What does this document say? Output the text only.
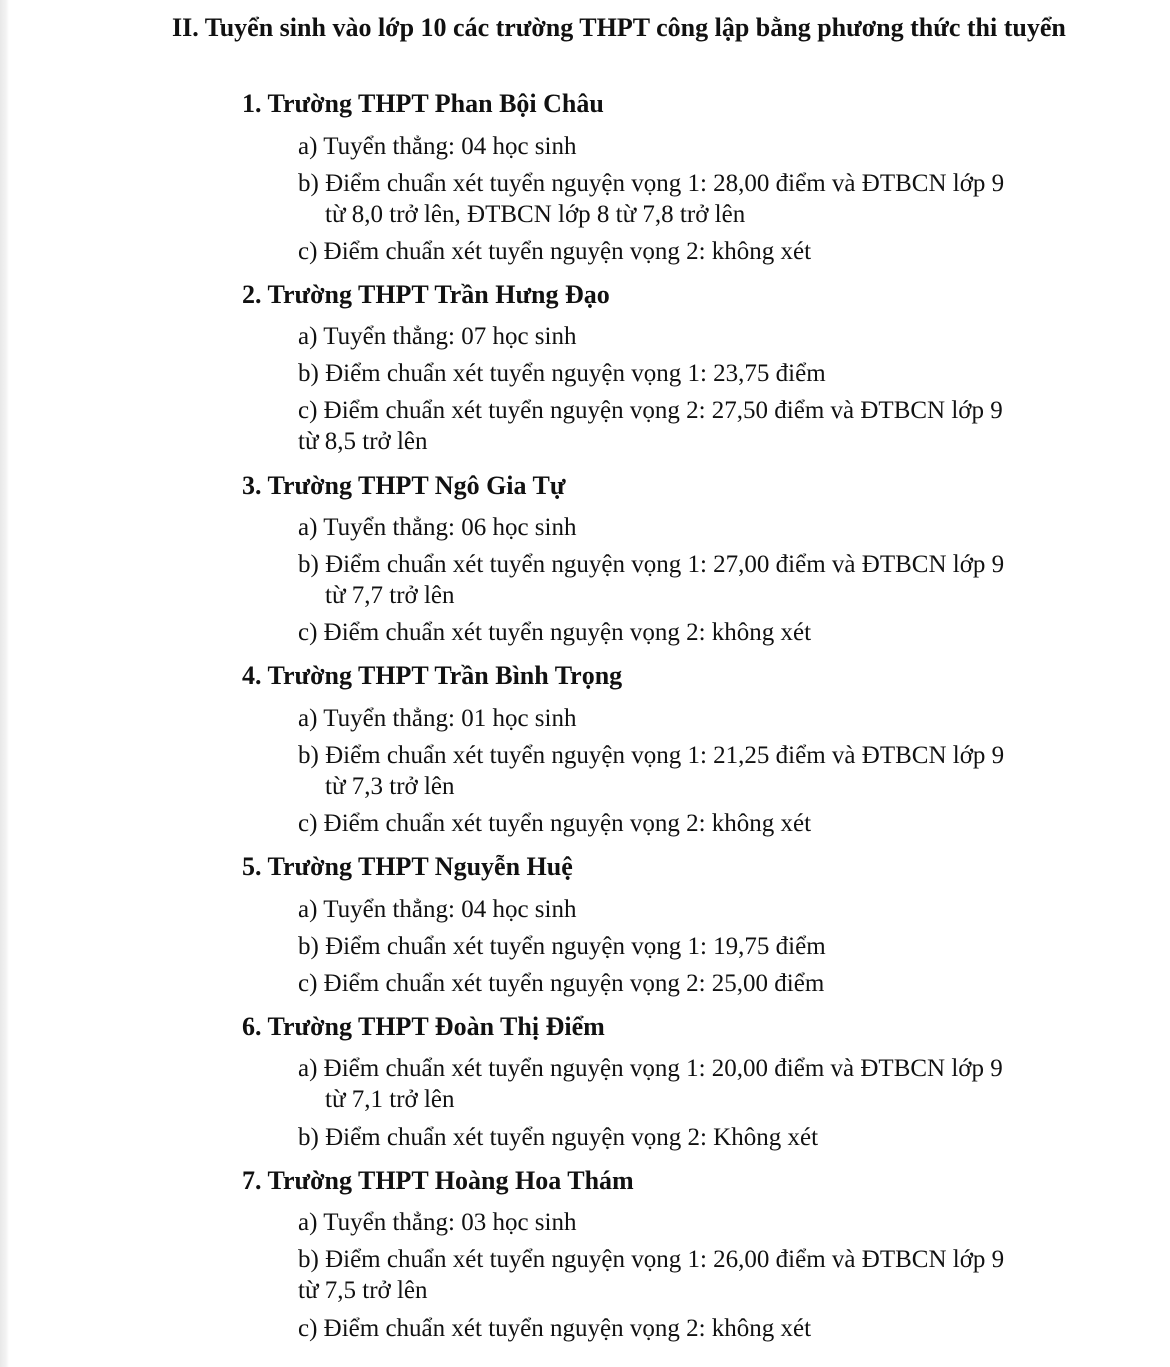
II. Tuyển sinh vào lớp 10 các trường THPT công lập bằng phương thức thi tuyển
1. Trường THPT Phan Bội Châu
a) Tuyển thẳng: 04 học sinh
b) Điểm chuẩn xét tuyển nguyện vọng 1: 28,00 điểm và ĐTBCN lớp 9
từ 8,0 trở lên, ĐTBCN lớp 8 từ 7,8 trở lên
c) Điểm chuẩn xét tuyển nguyện vọng 2: không xét
2. Trường THPT Trần Hưng Đạo
a) Tuyển thẳng: 07 học sinh
b) Điểm chuẩn xét tuyển nguyện vọng 1: 23,75 điểm
c) Điểm chuẩn xét tuyển nguyện vọng 2: 27,50 điểm và ĐTBCN lớp 9
từ 8,5 trở lên
3. Trường THPT Ngô Gia Tự
a) Tuyển thẳng: 06 học sinh
b) Điểm chuẩn xét tuyển nguyện vọng 1: 27,00 điểm và ĐTBCN lớp 9
từ 7,7 trở lên
c) Điểm chuẩn xét tuyển nguyện vọng 2: không xét
4. Trường THPT Trần Bình Trọng
a) Tuyển thẳng: 01 học sinh
b) Điểm chuẩn xét tuyển nguyện vọng 1: 21,25 điểm và ĐTBCN lớp 9
từ 7,3 trở lên
c) Điểm chuẩn xét tuyển nguyện vọng 2: không xét
5. Trường THPT Nguyễn Huệ
a) Tuyển thẳng: 04 học sinh
b) Điểm chuẩn xét tuyển nguyện vọng 1: 19,75 điểm
c) Điểm chuẩn xét tuyển nguyện vọng 2: 25,00 điểm
6. Trường THPT Đoàn Thị Điểm
a) Điểm chuẩn xét tuyển nguyện vọng 1: 20,00 điểm và ĐTBCN lớp 9
từ 7,1 trở lên
b) Điểm chuẩn xét tuyển nguyện vọng 2: Không xét
7. Trường THPT Hoàng Hoa Thám
a) Tuyển thẳng: 03 học sinh
b) Điểm chuẩn xét tuyển nguyện vọng 1: 26,00 điểm và ĐTBCN lớp 9
từ 7,5 trở lên
c) Điểm chuẩn xét tuyển nguyện vọng 2: không xét
